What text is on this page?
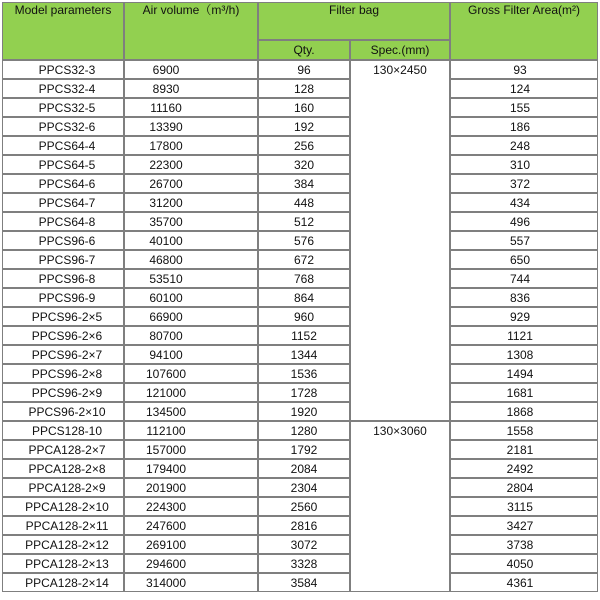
Model parameters	Air volume（m³/h)	Filter bag		Gross Filter Area(m²)
		Qty.	Spec.(mm)	
PPCS32-3	6900	96	130×2450	93
PPCS32-4	8930	128		124
PPCS32-5	11160	160		155
PPCS32-6	13390	192		186
PPCS64-4	17800	256		248
PPCS64-5	22300	320		310
PPCS64-6	26700	384		372
PPCS64-7	31200	448		434
PPCS64-8	35700	512		496
PPCS96-6	40100	576		557
PPCS96-7	46800	672		650
PPCS96-8	53510	768		744
PPCS96-9	60100	864		836
PPCS96-2×5	66900	960		929
PPCS96-2×6	80700	1152		1121
PPCS96-2×7	94100	1344		1308
PPCS96-2×8	107600	1536		1494
PPCS96-2×9	121000	1728		1681
PPCS96-2×10	134500	1920		1868
PPCS128-10	112100	1280	130×3060	1558
PPCA128-2×7	157000	1792		2181
PPCA128-2×8	179400	2084		2492
PPCA128-2×9	201900	2304		2804
PPCA128-2×10	224300	2560		3115
PPCA128-2×11	247600	2816		3427
PPCA128-2×12	269100	3072		3738
PPCA128-2×13	294600	3328		4050
PPCA128-2×14	314000	3584		4361
